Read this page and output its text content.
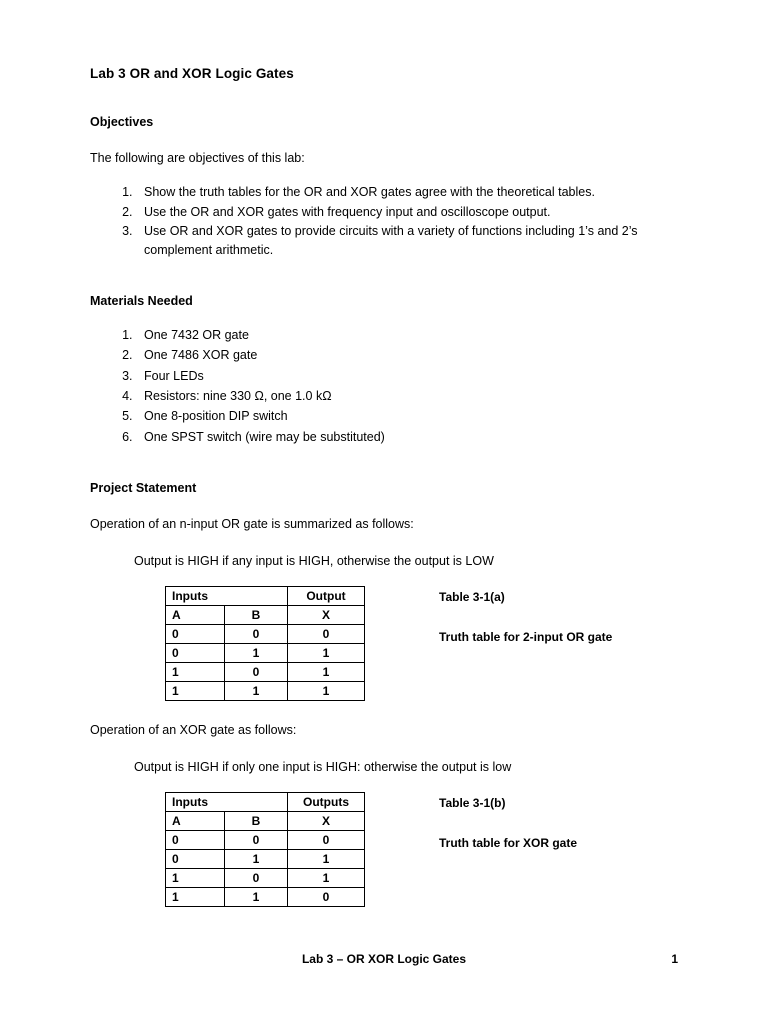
Lab 3 OR and XOR Logic Gates
Objectives
The following are objectives of this lab:
1. Show the truth tables for the OR and XOR gates agree with the theoretical tables.
2. Use the OR and XOR gates with frequency input and oscilloscope output.
3. Use OR and XOR gates to provide circuits with a variety of functions including 1’s and 2’s complement arithmetic.
Materials Needed
1. One 7432 OR gate
2. One 7486 XOR gate
3. Four LEDs
4. Resistors: nine 330 Ω, one 1.0 kΩ
5. One 8-position DIP switch
6. One SPST switch (wire may be substituted)
Project Statement
Operation of an n-input OR gate is summarized as follows:
Output is HIGH if any input is HIGH, otherwise the output is LOW
Inputs		Output
A	B	X
0	0	0
0	1	1
1	0	1
1	1	1
Table 3-1(a)
Truth table for 2-input OR gate
Operation of an XOR gate as follows:
Output is HIGH if only one input is HIGH: otherwise the output is low
Inputs		Outputs
A	B	X
0	0	0
0	1	1
1	0	1
1	1	0
Table 3-1(b)
Truth table for XOR gate
Lab 3 – OR XOR Logic Gates	1
